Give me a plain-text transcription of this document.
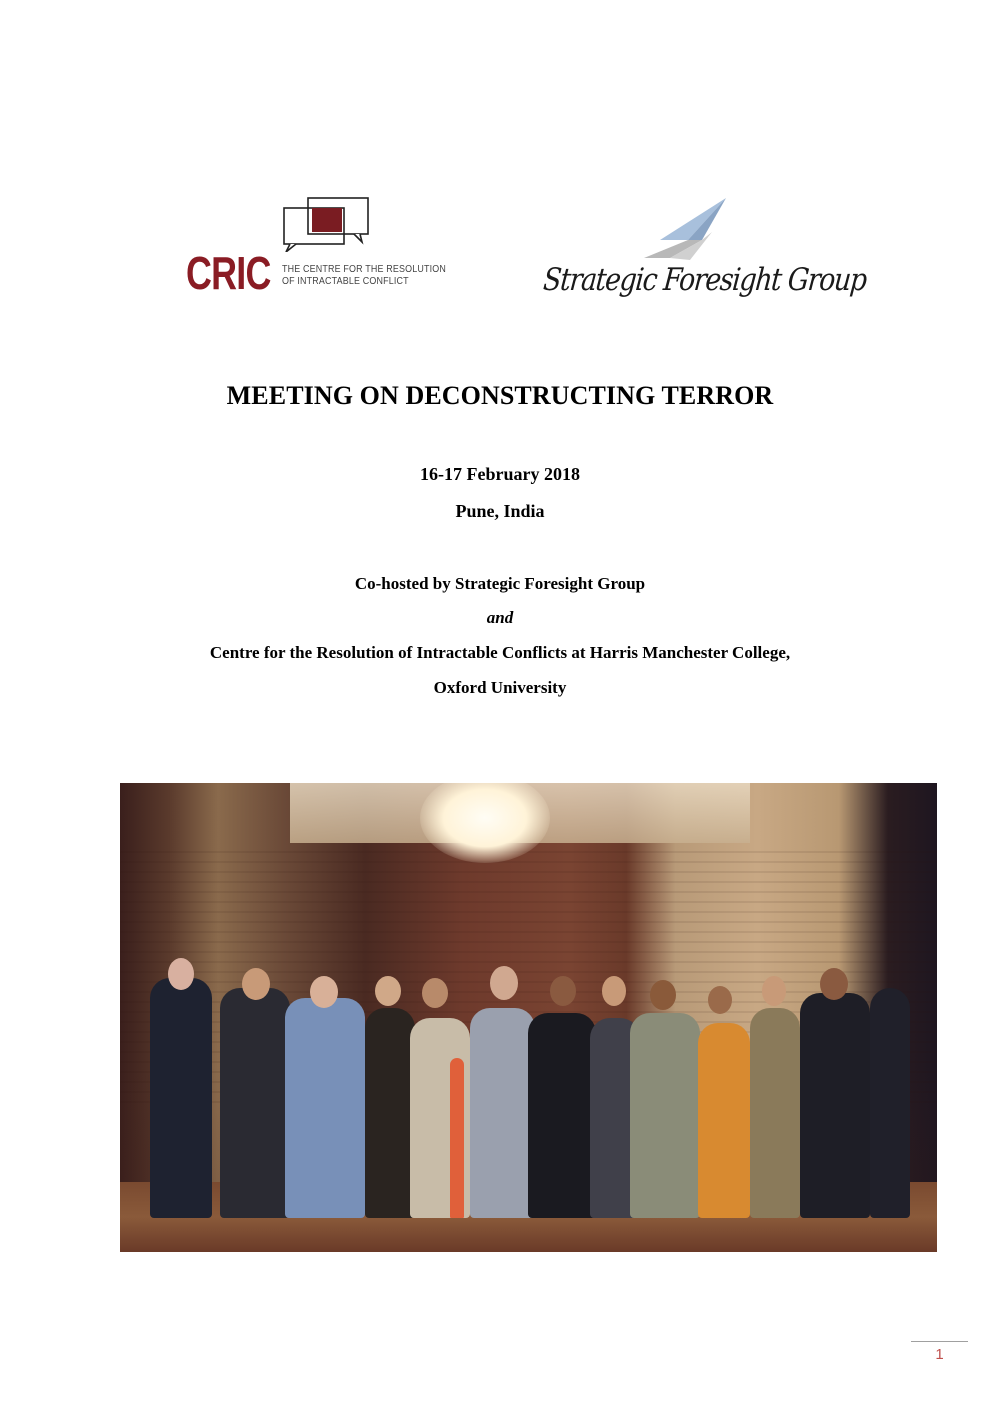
CRIC THE CENTRE FOR THE RESOLUTION
OF INTRACTABLE CONFLICT	Strategic Foresight Group
MEETING ON DECONSTRUCTING TERROR
16-17 February 2018
Pune, India
Co-hosted by Strategic Foresight Group
and
Centre for the Resolution of Intractable Conflicts at Harris Manchester College,
Oxford University
1
